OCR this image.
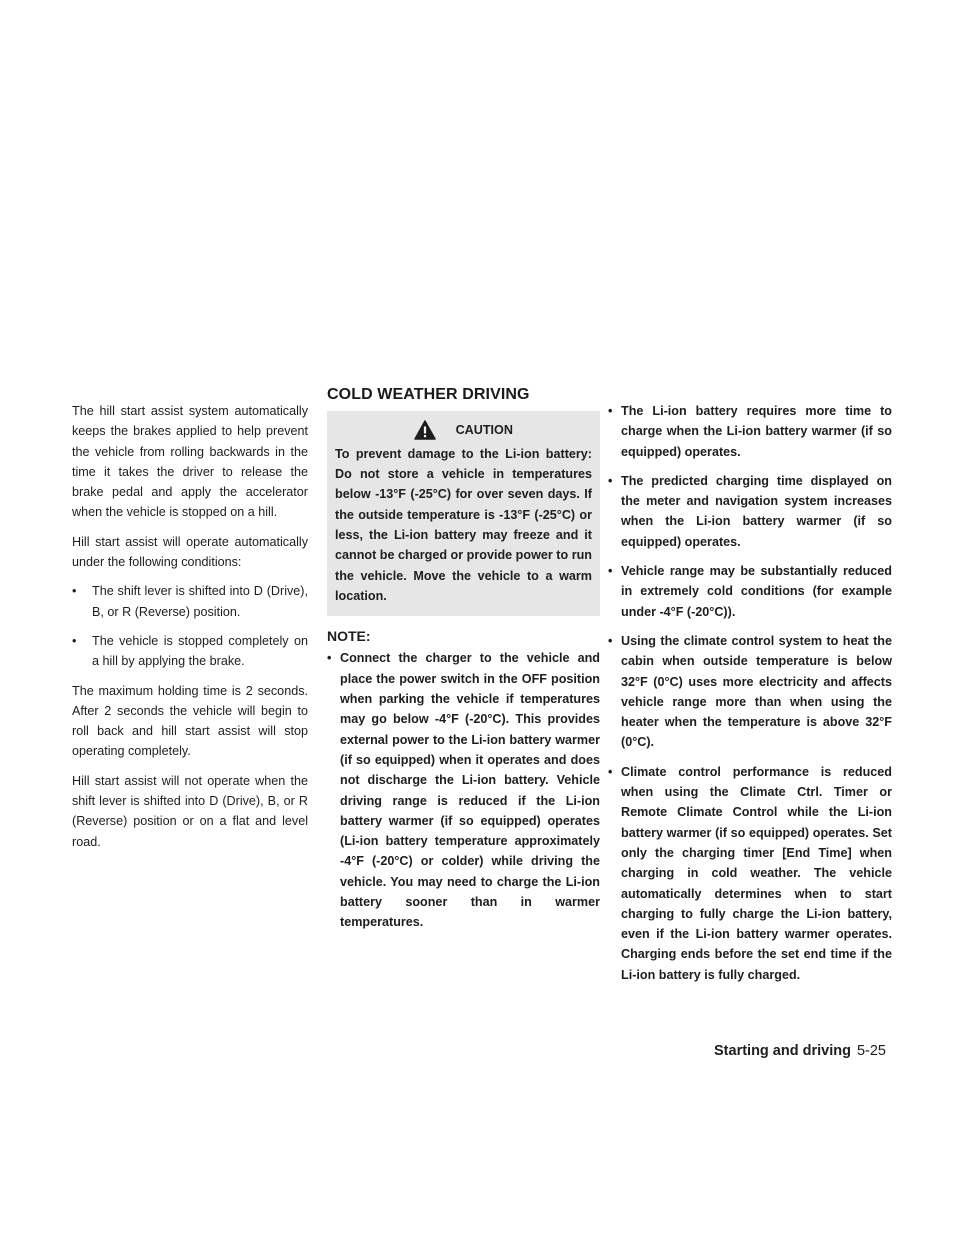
The hill start assist system automatically keeps the brakes applied to help prevent the vehicle from rolling backwards in the time it takes the driver to release the brake pedal and apply the accelerator when the vehicle is stopped on a hill.

Hill start assist will operate automatically under the following conditions:

• The shift lever is shifted into D (Drive), B, or R (Reverse) position.
• The vehicle is stopped completely on a hill by applying the brake.

The maximum holding time is 2 seconds. After 2 seconds the vehicle will begin to roll back and hill start assist will stop operating completely.

Hill start assist will not operate when the shift lever is shifted into D (Drive), B, or R (Reverse) position or on a flat and level road.

COLD WEATHER DRIVING
CAUTION

To prevent damage to the Li-ion battery: Do not store a vehicle in temperatures below -13°F (-25°C) for over seven days. If the outside temperature is -13°F (-25°C) or less, the Li-ion battery may freeze and it cannot be charged or provide power to run the vehicle. Move the vehicle to a warm location.

NOTE:
• Connect the charger to the vehicle and place the power switch in the OFF position when parking the vehicle if temperatures may go below -4°F (-20°C). This provides external power to the Li-ion battery warmer (if so equipped) when it operates and does not discharge the Li-ion battery. Vehicle driving range is reduced if the Li-ion battery warmer (if so equipped) operates (Li-ion battery temperature approximately -4°F (-20°C) or colder) while driving the vehicle. You may need to charge the Li-ion battery sooner than in warmer temperatures.
• The Li-ion battery requires more time to charge when the Li-ion battery warmer (if so equipped) operates.
• The predicted charging time displayed on the meter and navigation system increases when the Li-ion battery warmer (if so equipped) operates.
• Vehicle range may be substantially reduced in extremely cold conditions (for example under -4°F (-20°C)).
• Using the climate control system to heat the cabin when outside temperature is below 32°F (0°C) uses more electricity and affects vehicle range more than when using the heater when the temperature is above 32°F (0°C).
• Climate control performance is reduced when using the Climate Ctrl. Timer or Remote Climate Control while the Li-ion battery warmer (if so equipped) operates. Set only the charging timer [End Time] when charging in cold weather. The vehicle automatically determines when to start charging to fully charge the Li-ion battery, even if the Li-ion battery warmer operates. Charging ends before the set end time if the Li-ion battery is fully charged.
Starting and driving 5-25
